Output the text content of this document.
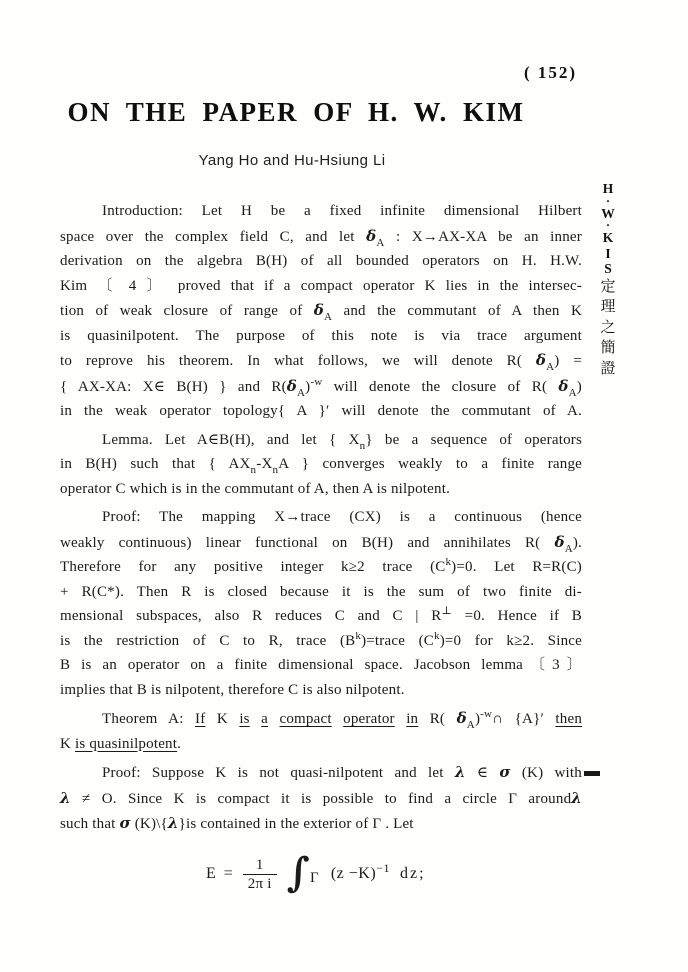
( 152)
ON THE PAPER OF H. W. KIM
Yang Ho and Hu-Hsiung Li
H
·
W
·
K
I
S
定
理
之
簡
證
Introduction: Let H be a fixed infinite dimensional Hilbert
space over the complex field C, and let $\delta_A$ : X→AX-XA be an inner
derivation on the algebra B(H) of all bounded operators on H. H.W.
Kim 〔 4 〕 proved that if a compact operator K lies in the intersec-
tion of weak closure of range of $\delta_A$ and the commutant of A then K
is quasinilpotent. The purpose of this note is via trace argument
to reprove his theorem. In what follows, we will denote R( $\delta_A$) =
{ AX-XA: X∈ B(H) } and $R(\delta_A)^{-w}$ will denote the closure of R( $\delta_A$)
in the weak operator topology{ A }′ will denote the commutant of A.
Lemma. Let A∈B(H), and let { $X_n$} be a sequence of operators
in B(H) such that { $AX_n-X_nA$ } converges weakly to a finite range
operator C which is in the commutant of A, then A is nilpotent.
Proof: The mapping X→trace (CX) is a continuous (hence
weakly continuous) linear functional on B(H) and annihilates R( $\delta_A$).
Therefore for any positive integer k≥2 trace $(C^k)=0$. Let R=R(C)
+ R(C*). Then R is closed because it is the sum of two finite di-
mensional subspaces, also R reduces C and C | R⊥ =0. Hence if B
is the restriction of C to R, trace $(B^k)=trace$ $(C^k)=0$ for k≥2. Since
B is an operator on a finite dimensional space. Jacobson lemma〔3〕
implies that B is nilpotent, therefore C is also nilpotent.
Theorem A: If K is a compact operator in R( $\delta_A)^{-w}\cap$ {A}′ then
K is quasinilpotent.
Proof: Suppose K is not quasi-nilpotent and let λ ∈ σ (K) with
λ ≠ O. Since K is compact it is possible to find a circle Γ aroundλ
such that σ (K)\{λ}is contained in the exterior of Γ . Let
$E = \frac{1}{\text{2π i}}$ ∫ Γ $(z -K)^{-1}$ dz;
